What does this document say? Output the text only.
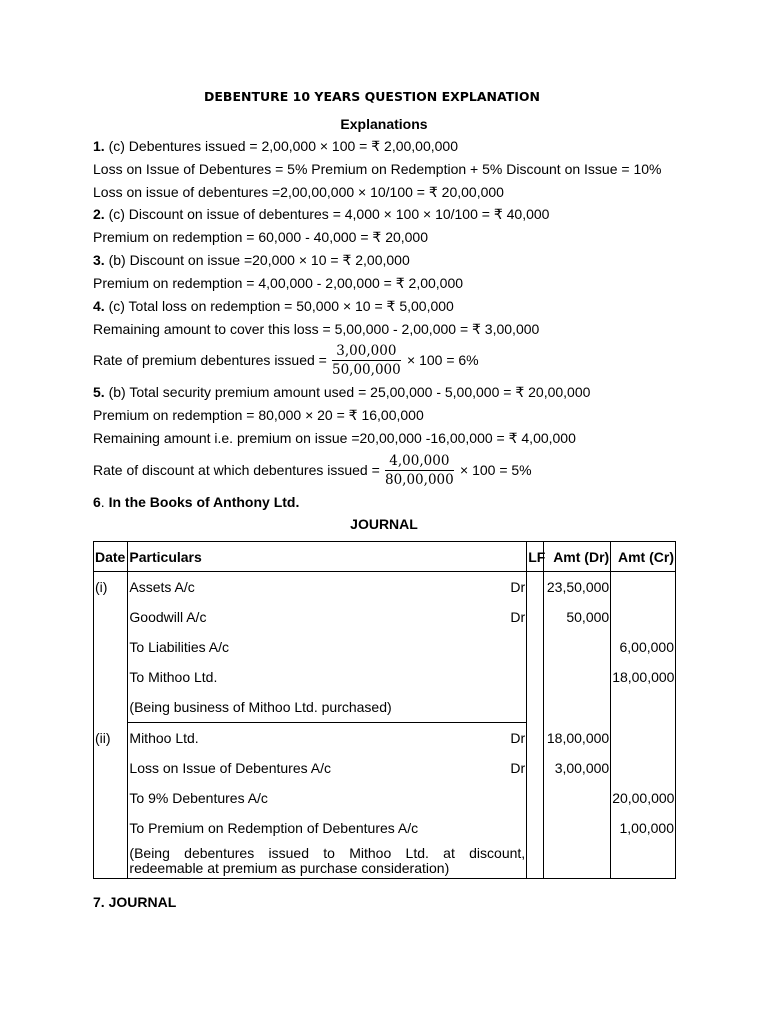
DEBENTURE 10 YEARS QUESTION EXPLANATION
Explanations
1. (c) Debentures issued = 2,00,000 × 100 = ₹ 2,00,00,000
Loss on Issue of Debentures = 5% Premium on Redemption + 5% Discount on Issue = 10%
Loss on issue of debentures =2,00,00,000 × 10/100 = ₹ 20,00,000
2. (c) Discount on issue of debentures = 4,000 × 100 × 10/100 = ₹ 40,000
Premium on redemption = 60,000 - 40,000 = ₹ 20,000
3. (b) Discount on issue =20,000 × 10 = ₹ 2,00,000
Premium on redemption = 4,00,000 - 2,00,000 = ₹ 2,00,000
4. (c) Total loss on redemption = 50,000 × 10 = ₹ 5,00,000
Remaining amount to cover this loss = 5,00,000 - 2,00,000 = ₹ 3,00,000
Rate of premium debentures issued = $\frac{3,00,000}{50,00,000} \times 100 = 6\%$
5. (b) Total security premium amount used = 25,00,000 - 5,00,000 = ₹ 20,00,000
Premium on redemption = 80,000 × 20 = ₹ 16,00,000
Remaining amount i.e. premium on issue =20,00,000 -16,00,000 = ₹ 4,00,000
Rate of discount at which debentures issued = $\frac{4,00,000}{80,00,000} \times 100 = 5\%$
6. In the Books of Anthony Ltd.
JOURNAL
Date	Particulars	LF	Amt (Dr)	Amt (Cr)
(i)	Assets A/c Dr		23,50,000	
	Goodwill A/c Dr		50,000	
	To Liabilities A/c			6,00,000
	To Mithoo Ltd.			18,00,000
	(Being business of Mithoo Ltd. purchased)			
(ii)	Mithoo Ltd. Dr		18,00,000	
	Loss on Issue of Debentures A/c Dr		3,00,000	
	To 9% Debentures A/c			20,00,000
	To Premium on Redemption of Debentures A/c			1,00,000
	(Being debentures issued to Mithoo Ltd. at discount, redeemable at premium as purchase consideration)			
7. JOURNAL
